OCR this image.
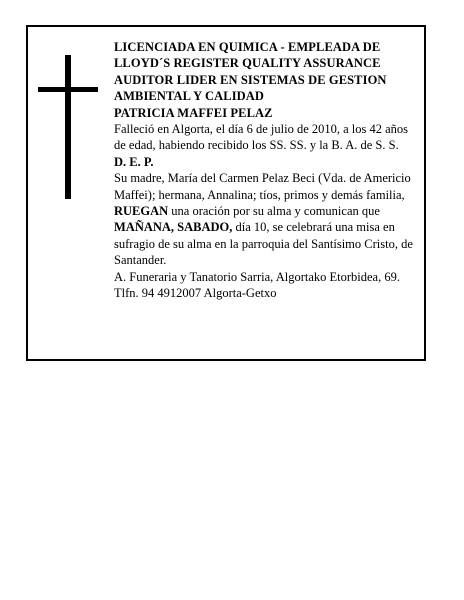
LICENCIADA EN QUIMICA - EMPLEADA DE
LLOYD´S REGISTER QUALITY ASSURANCE
AUDITOR LIDER EN SISTEMAS DE GESTION
AMBIENTAL Y CALIDAD
PATRICIA MAFFEI PELAZ

Falleció en Algorta, el día 6 de julio de 2010, a los 42 años de edad, habiendo recibido los SS. SS. y la B. A. de S. S.

D. E. P.

Su madre, María del Carmen Pelaz Beci (Vda. de Americio Maffei); hermana, Annalina; tíos, primos y demás familia,

RUEGAN una oración por su alma y comunican que MAÑANA, SABADO, día 10, se celebrará una misa en sufragio de su alma en la parroquia del Santísimo Cristo, de Santander.

A. Funeraria y Tanatorio Sarria, Algortako Etorbidea, 69. Tlfn. 94 4912007 Algorta-Getxo
